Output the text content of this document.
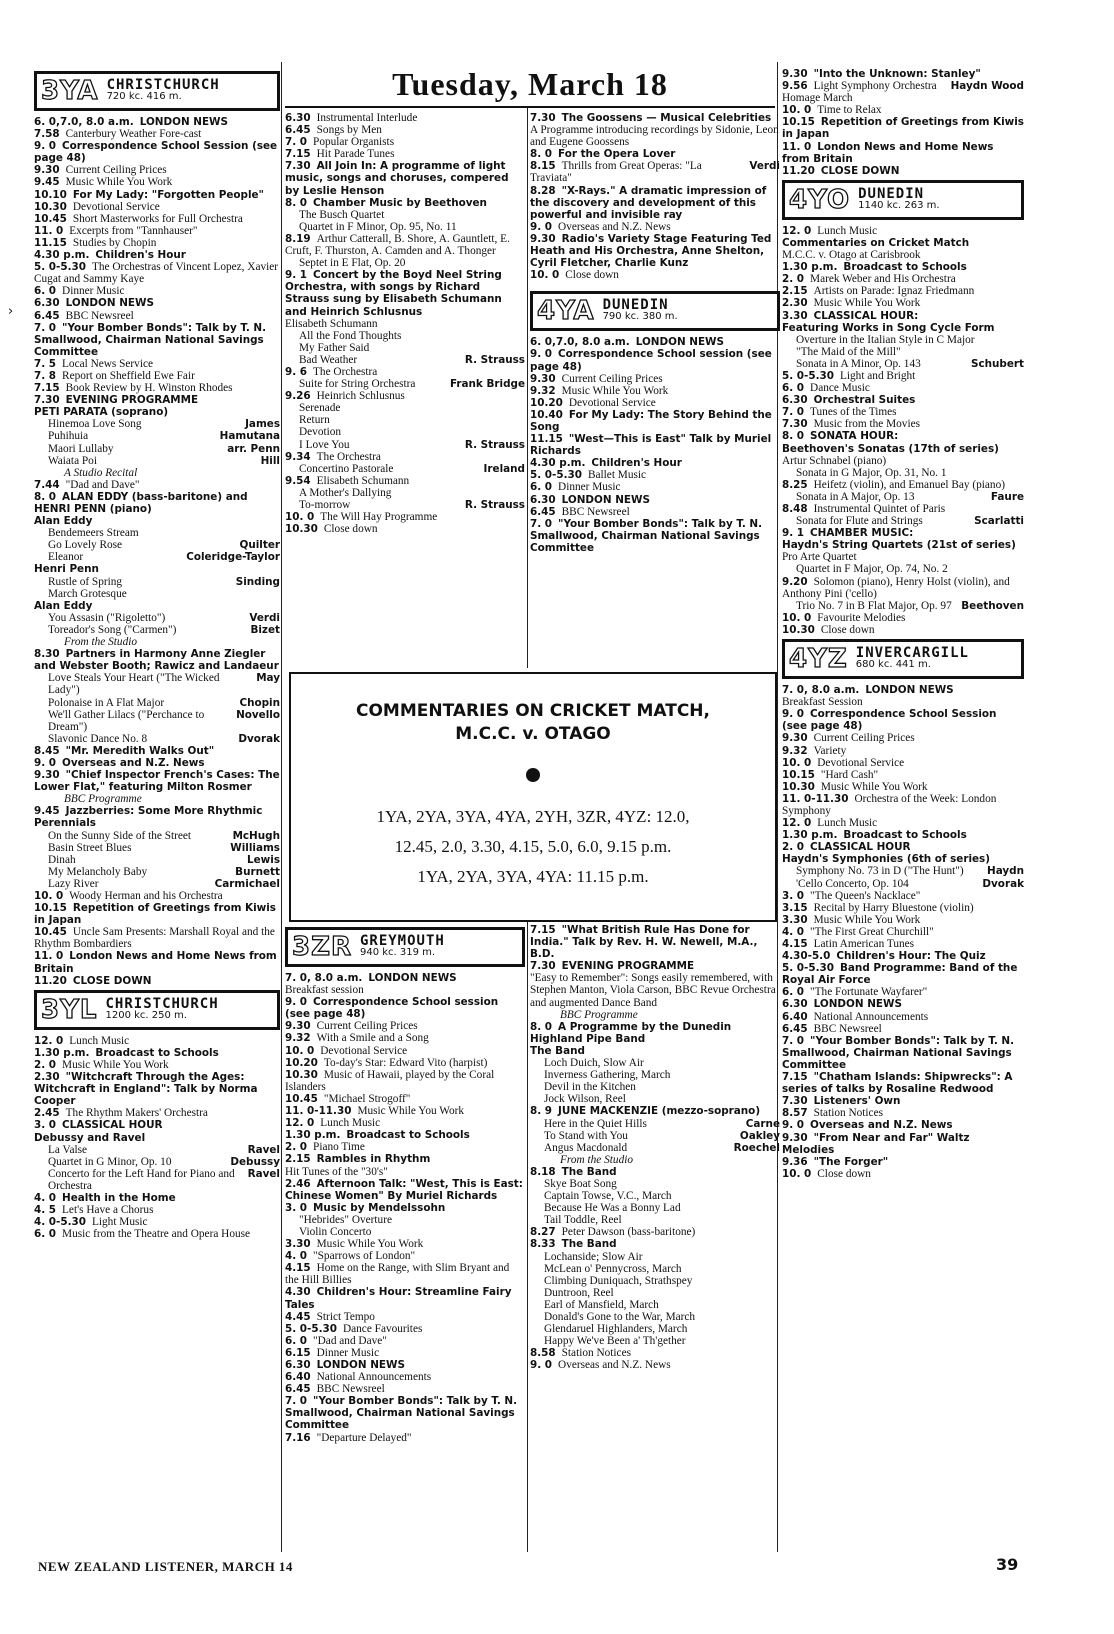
Tuesday, March 18
›
3YA CHRISTCHURCH
720 kc. 416 m.
6. 0,7.0, 8.0 a.m. LONDON NEWS
7.58 Canterbury Weather Fore-cast
9. 0 Correspondence School Session (see page 48)
9.30 Current Ceiling Prices
9.45 Music While You Work
10.10 For My Lady: "Forgotten People"
10.30 Devotional Service
10.45 Short Masterworks for Full Orchestra
11. 0 Excerpts from "Tannhauser"
11.15 Studies by Chopin
4.30 p.m. Children's Hour
5. 0-5.30 The Orchestras of Vincent Lopez, Xavier Cugat and Sammy Kaye
6. 0 Dinner Music
6.30 LONDON NEWS
6.45 BBC Newsreel
7. 0 "Your Bomber Bonds": Talk by T. N. Smallwood, Chairman National Savings Committee
7. 5 Local News Service
7. 8 Report on Sheffield Ewe Fair
7.15 Book Review by H. Winston Rhodes
7.30 EVENING PROGRAMME
PETI PARATA (soprano)
James
Hinemoa Love Song
Hamutana
Puhihuia
arr. Penn
Maori Lullaby
Hill
Waiata Poi
A Studio Recital
7.44 "Dad and Dave"
8. 0 ALAN EDDY (bass-baritone) and
HENRI PENN (piano)
Alan Eddy
Bendemeers Stream
Quilter
Go Lovely Rose
Coleridge-Taylor
Eleanor
Henri Penn
Sinding
Rustle of Spring
March Grotesque
Alan Eddy
Verdi
You Assasin ("Rigoletto")
Bizet
Toreador's Song ("Carmen")
From the Studio
8.30 Partners in Harmony Anne Ziegler and Webster Booth; Rawicz and Landaeur
May
Love Steals Your Heart ("The Wicked Lady")
Chopin
Polonaise in A Flat Major
Novello
We'll Gather Lilacs ("Perchance to Dream")
Dvorak
Slavonic Dance No. 8
8.45 "Mr. Meredith Walks Out"
9. 0 Overseas and N.Z. News
9.30 "Chief Inspector French's Cases: The Lower Flat," featuring Milton Rosmer
BBC Programme
9.45 Jazzberries: Some More Rhythmic Perennials
McHugh
On the Sunny Side of the Street
Williams
Basin Street Blues
Lewis
Dinah
Burnett
My Melancholy Baby
Carmichael
Lazy River
10. 0 Woody Herman and his Orchestra
10.15 Repetition of Greetings from Kiwis in Japan
10.45 Uncle Sam Presents: Marshall Royal and the Rhythm Bombardiers
11. 0 London News and Home News from Britain
11.20 CLOSE DOWN
3YL CHRISTCHURCH
1200 kc. 250 m.
12. 0 Lunch Music
1.30 p.m. Broadcast to Schools
2. 0 Music While You Work
2.30 "Witchcraft Through the Ages: Witchcraft in England": Talk by Norma Cooper
2.45 The Rhythm Makers' Orchestra
3. 0 CLASSICAL HOUR
Debussy and Ravel
Ravel
La Valse
Debussy
Quartet in G Minor, Op. 10
Ravel
Concerto for the Left Hand for Piano and Orchestra
4. 0 Health in the Home
4. 5 Let's Have a Chorus
4. 0-5.30 Light Music
6. 0 Music from the Theatre and Opera House
6.30 Instrumental Interlude
6.45 Songs by Men
7. 0 Popular Organists
7.15 Hit Parade Tunes
7.30 All Join In: A programme of light music, songs and choruses, compered by Leslie Henson
8. 0 Chamber Music by Beethoven
The Busch Quartet
Quartet in F Minor, Op. 95, No. 11
8.19 Arthur Catterall, B. Shore, A. Gauntlett, E. Cruft, F. Thurston, A. Camden and A. Thonger
Septet in E Flat, Op. 20
9. 1 Concert by the Boyd Neel String Orchestra, with songs by Richard Strauss sung by Elisabeth Schumann and Heinrich Schlusnus
Elisabeth Schumann
All the Fond Thoughts
My Father Said
R. Strauss
Bad Weather
9. 6 The Orchestra
Frank Bridge
Suite for String Orchestra
9.26 Heinrich Schlusnus
Serenade
Return
Devotion
R. Strauss
I Love You
9.34 The Orchestra
Ireland
Concertino Pastorale
9.54 Elisabeth Schumann
A Mother's Dallying
R. Strauss
To-morrow
10. 0 The Will Hay Programme
10.30 Close down
3ZR GREYMOUTH
940 kc. 319 m.
7. 0, 8.0 a.m. LONDON NEWS
Breakfast session
9. 0 Correspondence School session (see page 48)
9.30 Current Ceiling Prices
9.32 With a Smile and a Song
10. 0 Devotional Service
10.20 To-day's Star: Edward Vito (harpist)
10.30 Music of Hawaii, played by the Coral Islanders
10.45 "Michael Strogoff"
11. 0-11.30 Music While You Work
12. 0 Lunch Music
1.30 p.m. Broadcast to Schools
2. 0 Piano Time
2.15 Rambles in Rhythm
Hit Tunes of the "30's"
2.46 Afternoon Talk: "West, This is East: Chinese Women" By Muriel Richards
3. 0 Music by Mendelssohn
"Hebrides" Overture
Violin Concerto
3.30 Music While You Work
4. 0 "Sparrows of London"
4.15 Home on the Range, with Slim Bryant and the Hill Billies
4.30 Children's Hour: Streamline Fairy Tales
4.45 Strict Tempo
5. 0-5.30 Dance Favourites
6. 0 "Dad and Dave"
6.15 Dinner Music
6.30 LONDON NEWS
6.40 National Announcements
6.45 BBC Newsreel
7. 0 "Your Bomber Bonds": Talk by T. N. Smallwood, Chairman National Savings Committee
7.16 "Departure Delayed"
7.30 The Goossens — Musical Celebrities
A Programme introducing recordings by Sidonie, Leon and Eugene Goossens
8. 0 For the Opera Lover
Verdi
8.15 Thrills from Great Operas: "La Traviata"
8.28 "X-Rays." A dramatic impression of the discovery and development of this powerful and invisible ray
9. 0 Overseas and N.Z. News
9.30 Radio's Variety Stage Featuring Ted Heath and His Orchestra, Anne Shelton, Cyril Fletcher, Charlie Kunz
10. 0 Close down
4YA DUNEDIN
790 kc. 380 m.
6. 0,7.0, 8.0 a.m. LONDON NEWS
9. 0 Correspondence School session (see page 48)
9.30 Current Ceiling Prices
9.32 Music While You Work
10.20 Devotional Service
10.40 For My Lady: The Story Behind the Song
11.15 "West—This is East" Talk by Muriel Richards
4.30 p.m. Children's Hour
5. 0-5.30 Ballet Music
6. 0 Dinner Music
6.30 LONDON NEWS
6.45 BBC Newsreel
7. 0 "Your Bomber Bonds": Talk by T. N. Smallwood, Chairman National Savings Committee
7.15 "What British Rule Has Done for India." Talk by Rev. H. W. Newell, M.A., B.D.
7.30 EVENING PROGRAMME
"Easy to Remember": Songs easily remembered, with Stephen Manton, Viola Carson, BBC Revue Orchestra and augmented Dance Band
BBC Programme
8. 0 A Programme by the Dunedin Highland Pipe Band
The Band
Loch Duich, Slow Air
Inverness Gathering, March
Devil in the Kitchen
Jock Wilson, Reel
8. 9 JUNE MACKENZIE (mezzo-soprano)
Carne
Here in the Quiet Hills
Oakley
To Stand with You
Roechel
Angus Macdonald
From the Studio
8.18 The Band
Skye Boat Song
Captain Towse, V.C., March
Because He Was a Bonny Lad
Tail Toddle, Reel
8.27 Peter Dawson (bass-baritone)
8.33 The Band
Lochanside; Slow Air
McLean o' Pennycross, March
Climbing Duniquach, Strathspey
Duntroon, Reel
Earl of Mansfield, March
Donald's Gone to the War, March
Glendaruel Highlanders, March
Happy We've Been a' Th'gether
8.58 Station Notices
9. 0 Overseas and N.Z. News
COMMENTARIES ON CRICKET MATCH,
M.C.C. v. OTAGO
1YA, 2YA, 3YA, 4YA, 2YH, 3ZR, 4YZ: 12.0,
12.45, 2.0, 3.30, 4.15, 5.0, 6.0, 9.15 p.m.
1YA, 2YA, 3YA, 4YA: 11.15 p.m.
9.30 "Into the Unknown: Stanley"
Haydn Wood
9.56 Light Symphony Orchestra Homage March
10. 0 Time to Relax
10.15 Repetition of Greetings from Kiwis in Japan
11. 0 London News and Home News from Britain
11.20 CLOSE DOWN
4YO DUNEDIN
1140 kc. 263 m.
12. 0 Lunch Music
Commentaries on Cricket Match
M.C.C. v. Otago at Carisbrook
1.30 p.m. Broadcast to Schools
2. 0 Marek Weber and His Orchestra
2.15 Artists on Parade: Ignaz Friedmann
2.30 Music While You Work
3.30 CLASSICAL HOUR:
Featuring Works in Song Cycle Form
Overture in the Italian Style in C Major
"The Maid of the Mill"
Schubert
Sonata in A Minor, Op. 143
5. 0-5.30 Light and Bright
6. 0 Dance Music
6.30 Orchestral Suites
7. 0 Tunes of the Times
7.30 Music from the Movies
8. 0 SONATA HOUR:
Beethoven's Sonatas (17th of series)
Artur Schnabel (piano)
Sonata in G Major, Op. 31, No. 1
8.25 Heifetz (violin), and Emanuel Bay (piano)
Faure
Sonata in A Major, Op. 13
8.48 Instrumental Quintet of Paris
Scarlatti
Sonata for Flute and Strings
9. 1 CHAMBER MUSIC:
Haydn's String Quartets (21st of series)
Pro Arte Quartet
Quartet in F Major, Op. 74, No. 2
9.20 Solomon (piano), Henry Holst (violin), and Anthony Pini ('cello)
Beethoven
Trio No. 7 in B Flat Major, Op. 97
10. 0 Favourite Melodies
10.30 Close down
4YZ INVERCARGILL
680 kc. 441 m.
7. 0, 8.0 a.m. LONDON NEWS
Breakfast Session
9. 0 Correspondence School Session (see page 48)
9.30 Current Ceiling Prices
9.32 Variety
10. 0 Devotional Service
10.15 "Hard Cash"
10.30 Music While You Work
11. 0-11.30 Orchestra of the Week: London Symphony
12. 0 Lunch Music
1.30 p.m. Broadcast to Schools
2. 0 CLASSICAL HOUR
Haydn's Symphonies (6th of series)
Haydn
Symphony No. 73 in D ("The Hunt")
Dvorak
'Cello Concerto, Op. 104
3. 0 "The Queen's Nacklace"
3.15 Recital by Harry Bluestone (violin)
3.30 Music While You Work
4. 0 "The First Great Churchill"
4.15 Latin American Tunes
4.30-5.0 Children's Hour: The Quiz
5. 0-5.30 Band Programme: Band of the Royal Air Force
6. 0 "The Fortunate Wayfarer"
6.30 LONDON NEWS
6.40 National Announcements
6.45 BBC Newsreel
7. 0 "Your Bomber Bonds": Talk by T. N. Smallwood, Chairman National Savings Committee
7.15 "Chatham Islands: Shipwrecks": A series of talks by Rosaline Redwood
7.30 Listeners' Own
8.57 Station Notices
9. 0 Overseas and N.Z. News
9.30 "From Near and Far" Waltz Melodies
9.36 "The Forger"
10. 0 Close down
NEW ZEALAND LISTENER, MARCH 14	39
